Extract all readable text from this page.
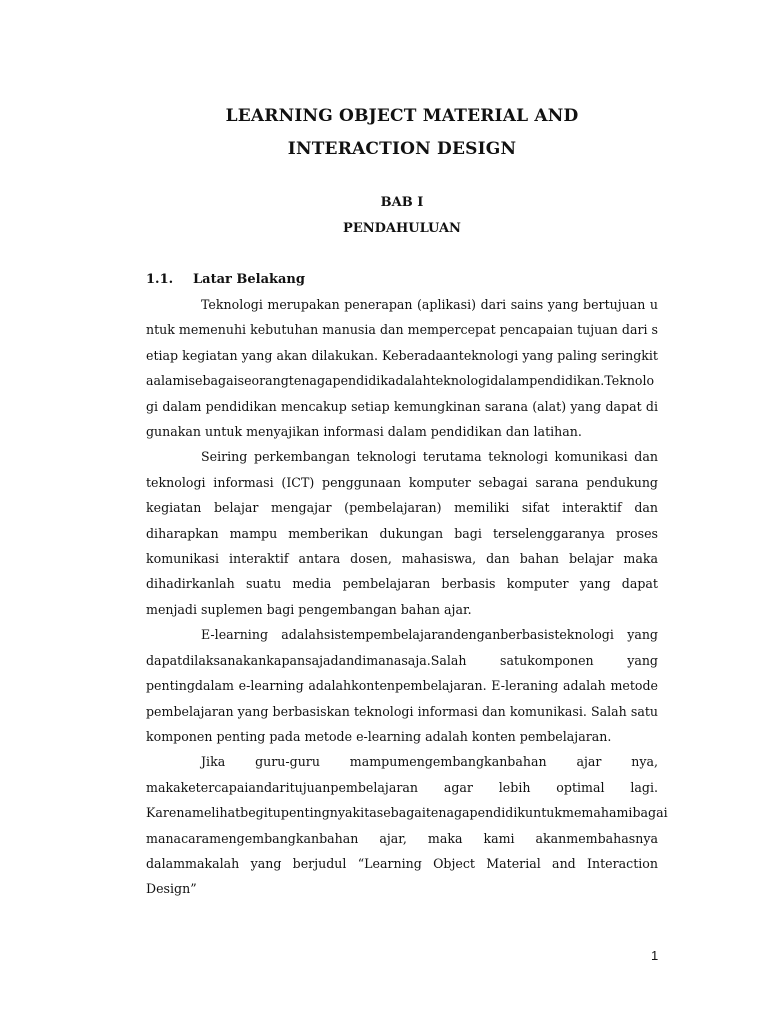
LEARNING OBJECT MATERIAL AND
INTERACTION DESIGN
BAB I
PENDAHULUAN
1.1. Latar Belakang

Teknologi merupakan penerapan (aplikasi) dari sains yang bertujuan untuk memenuhi kebutuhan manusia dan mempercepat pencapaian tujuan dari setiap kegiatan yang akan dilakukan. Keberadaanteknologi yang paling seringkitaalamisebagaiseorangtenagapendidikadalahteknologidalampendidikan.Teknologi dalam pendidikan mencakup setiap kemungkinan sarana (alat) yang dapat digunakan untuk menyajikan informasi dalam pendidikan dan latihan.

Seiring perkembangan teknologi terutama teknologi komunikasi dan teknologi informasi (ICT) penggunaan komputer sebagai sarana pendukung kegiatan belajar mengajar (pembelajaran) memiliki sifat interaktif dan diharapkan mampu memberikan dukungan bagi terselenggaranya proses komunikasi interaktif antara dosen, mahasiswa, dan bahan belajar maka dihadirkanlah suatu media pembelajaran berbasis komputer yang dapat menjadi suplemen bagi pengembangan bahan ajar.

E-learning adalahsistempembelajarandenganberbasisteknologi yang dapatdilaksanakankapansajadandimanasaja.Salah satukomponen yang pentingdalam e-learning adalahkontenpembelajaran. E-leraning adalah metode pembelajaran yang berbasiskan teknologi informasi dan komunikasi. Salah satu komponen penting pada metode e-learning adalah konten pembelajaran.

Jika guru-guru mampumengembangkanbahan ajar nya, makaketercapaiandaritujuanpembelajaran agar lebih optimal lagi. Karenamelihatbegitupentingnyakitasebagaitenagapendidikuntukmemahamibagai manacaramengembangkanbahan ajar, maka kami akanmembahasnya dalammakalah yang berjudul “Learning Object Material and Interaction Design”

1
